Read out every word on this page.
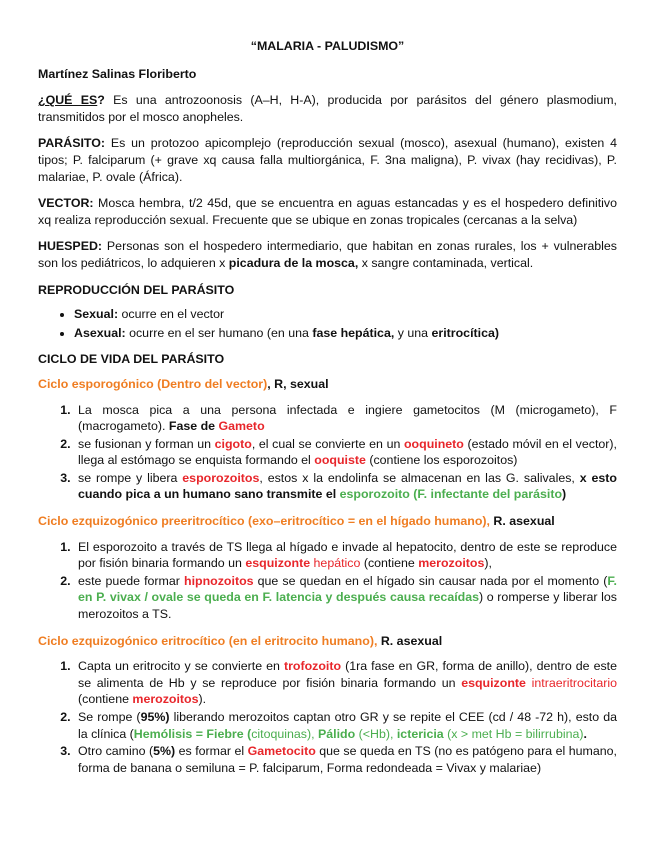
“MALARIA - PALUDISMO”
Martínez Salinas Floriberto

¿QUÉ ES? Es una antrozoonosis (A–H, H-A), producida por parásitos del género plasmodium, transmitidos por el mosco anopheles.

PARÁSITO: Es un protozoo apicomplejo (reproducción sexual (mosco), asexual (humano), existen 4 tipos; P. falciparum (+ grave xq causa falla multiorgánica, F. 3na maligna), P. vivax (hay recidivas), P. malariae, P. ovale (África).

VECTOR: Mosca hembra, t/2 45d, que se encuentra en aguas estancadas y es el hospedero definitivo xq realiza reproducción sexual. Frecuente que se ubique en zonas tropicales (cercanas a la selva)

HUESPED: Personas son el hospedero intermediario, que habitan en zonas rurales, los + vulnerables son los pediátricos, lo adquieren x picadura de la mosca, x sangre contaminada, vertical.

REPRODUCCIÓN DEL PARÁSITO
• Sexual: ocurre en el vector
• Asexual: ocurre en el ser humano (en una fase hepática, y una eritrocítica)
CICLO DE VIDA DEL PARÁSITO
Ciclo esporogónico (Dentro del vector), R, sexual
1. La mosca pica a una persona infectada e ingiere gametocitos (M (microgameto), F (macrogameto). Fase de Gameto
2. se fusionan y forman un cigoto, el cual se convierte en un ooquineto (estado móvil en el vector), llega al estómago se enquista formando el ooquiste (contiene los esporozoitos)
3. se rompe y libera esporozoitos, estos x la endolinfa se almacenan en las G. salivales, x esto cuando pica a un humano sano transmite el esporozoito (F. infectante del parásito)
Ciclo ezquizogónico preeritrocítico (exo–eritrocítico = en el hígado humano), R. asexual
1. El esporozoito a través de TS llega al hígado e invade al hepatocito, dentro de este se reproduce por fisión binaria formando un esquizonte hepático (contiene merozoitos),
2. este puede formar hipnozoitos que se quedan en el hígado sin causar nada por el momento (F. en P. vivax / ovale se queda en F. latencia y después causa recaídas) o romperse y liberar los merozoitos a TS.
Ciclo ezquizogónico eritrocítico (en el eritrocito humano), R. asexual
1. Capta un eritrocito y se convierte en trofozoito (1ra fase en GR, forma de anillo), dentro de este se alimenta de Hb y se reproduce por fisión binaria formando un esquizonte intraeritrocitario (contiene merozoitos).
2. Se rompe (95%) liberando merozoitos captan otro GR y se repite el CEE (cd / 48 -72 h), esto da la clínica (Hemólisis = Fiebre (citoquinas), Pálido (<Hb), ictericia (x > met Hb = bilirrubina).
3. Otro camino (5%) es formar el Gametocito que se queda en TS (no es patógeno para el humano, forma de banana o semiluna = P. falciparum, Forma redondeada = Vivax y malariae)
